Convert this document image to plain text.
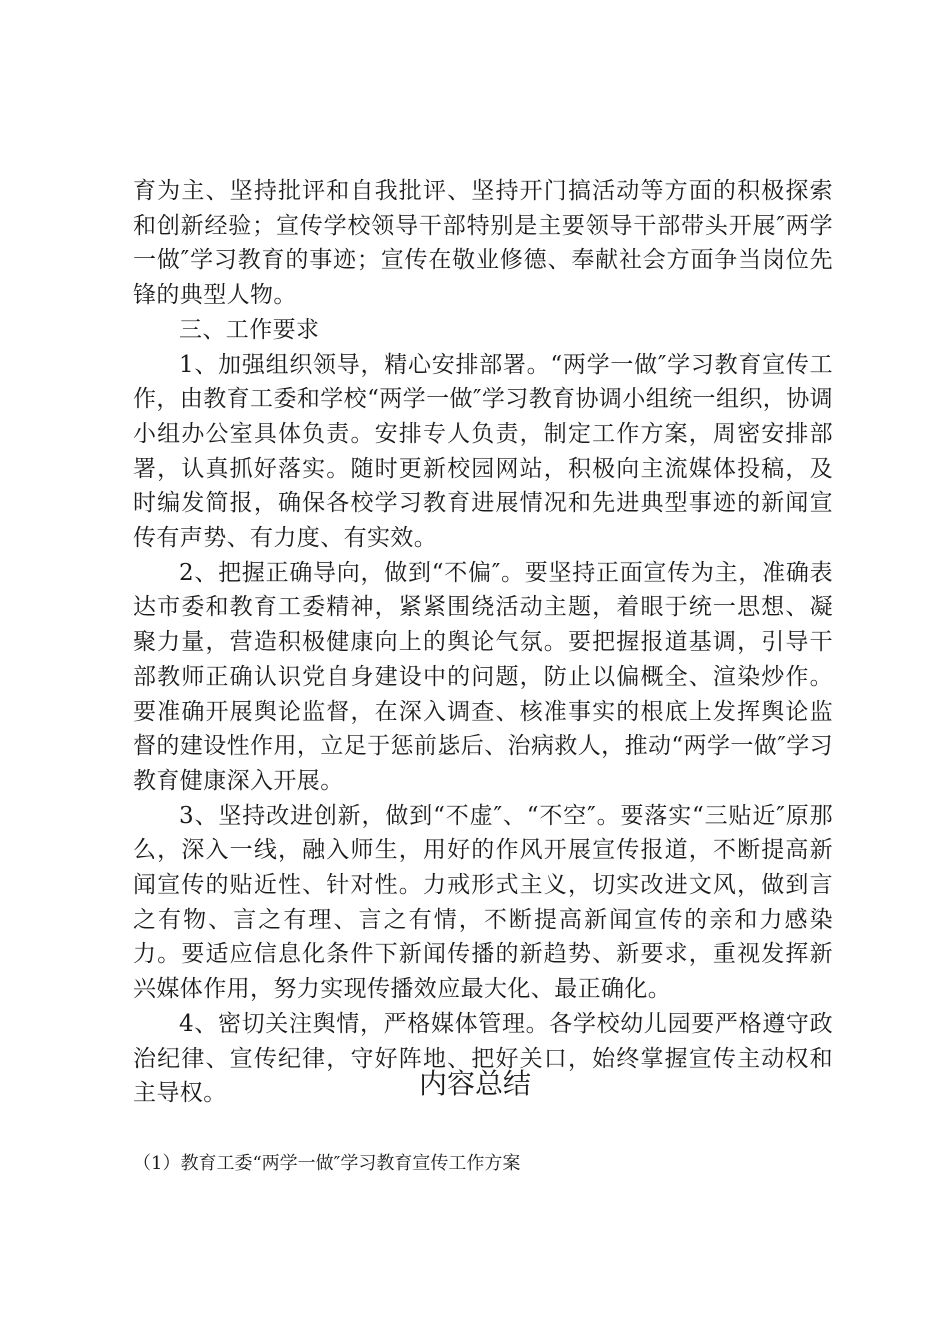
育为主、坚持批评和自我批评、坚持开门搞活动等方面的积极探索和创新经验；宣传学校领导干部特别是主要领导干部带头开展″两学一做″学习教育的事迹；宣传在敬业修德、奉献社会方面争当岗位先锋的典型人物。

三、工作要求

1、加强组织领导，精心安排部署。“两学一做″学习教育宣传工作，由教育工委和学校“两学一做″学习教育协调小组统一组织，协调小组办公室具体负责。安排专人负责，制定工作方案，周密安排部署，认真抓好落实。随时更新校园网站，积极向主流媒体投稿，及时编发简报，确保各校学习教育进展情况和先进典型事迹的新闻宣传有声势、有力度、有实效。

2、把握正确导向，做到“不偏″。要坚持正面宣传为主，准确表达市委和教育工委精神，紧紧围绕活动主题，着眼于统一思想、凝聚力量，营造积极健康向上的舆论气氛。要把握报道基调，引导干部教师正确认识党自身建设中的问题，防止以偏概全、渲染炒作。要准确开展舆论监督，在深入调查、核准事实的根底上发挥舆论监督的建设性作用，立足于惩前毖后、治病救人，推动“两学一做″学习教育健康深入开展。

3、坚持改进创新，做到“不虚″、“不空″。要落实“三贴近″原那么，深入一线，融入师生，用好的作风开展宣传报道，不断提高新闻宣传的贴近性、针对性。力戒形式主义，切实改进文风，做到言之有物、言之有理、言之有情，不断提高新闻宣传的亲和力感染力。要适应信息化条件下新闻传播的新趋势、新要求，重视发挥新兴媒体作用，努力实现传播效应最大化、最正确化。

4、密切关注舆情，严格媒体管理。各学校幼儿园要严格遵守政治纪律、宣传纪律，守好阵地、把好关口，始终掌握宣传主动权和主导权。	内容总结

（1）教育工委“两学一做″学习教育宣传工作方案
